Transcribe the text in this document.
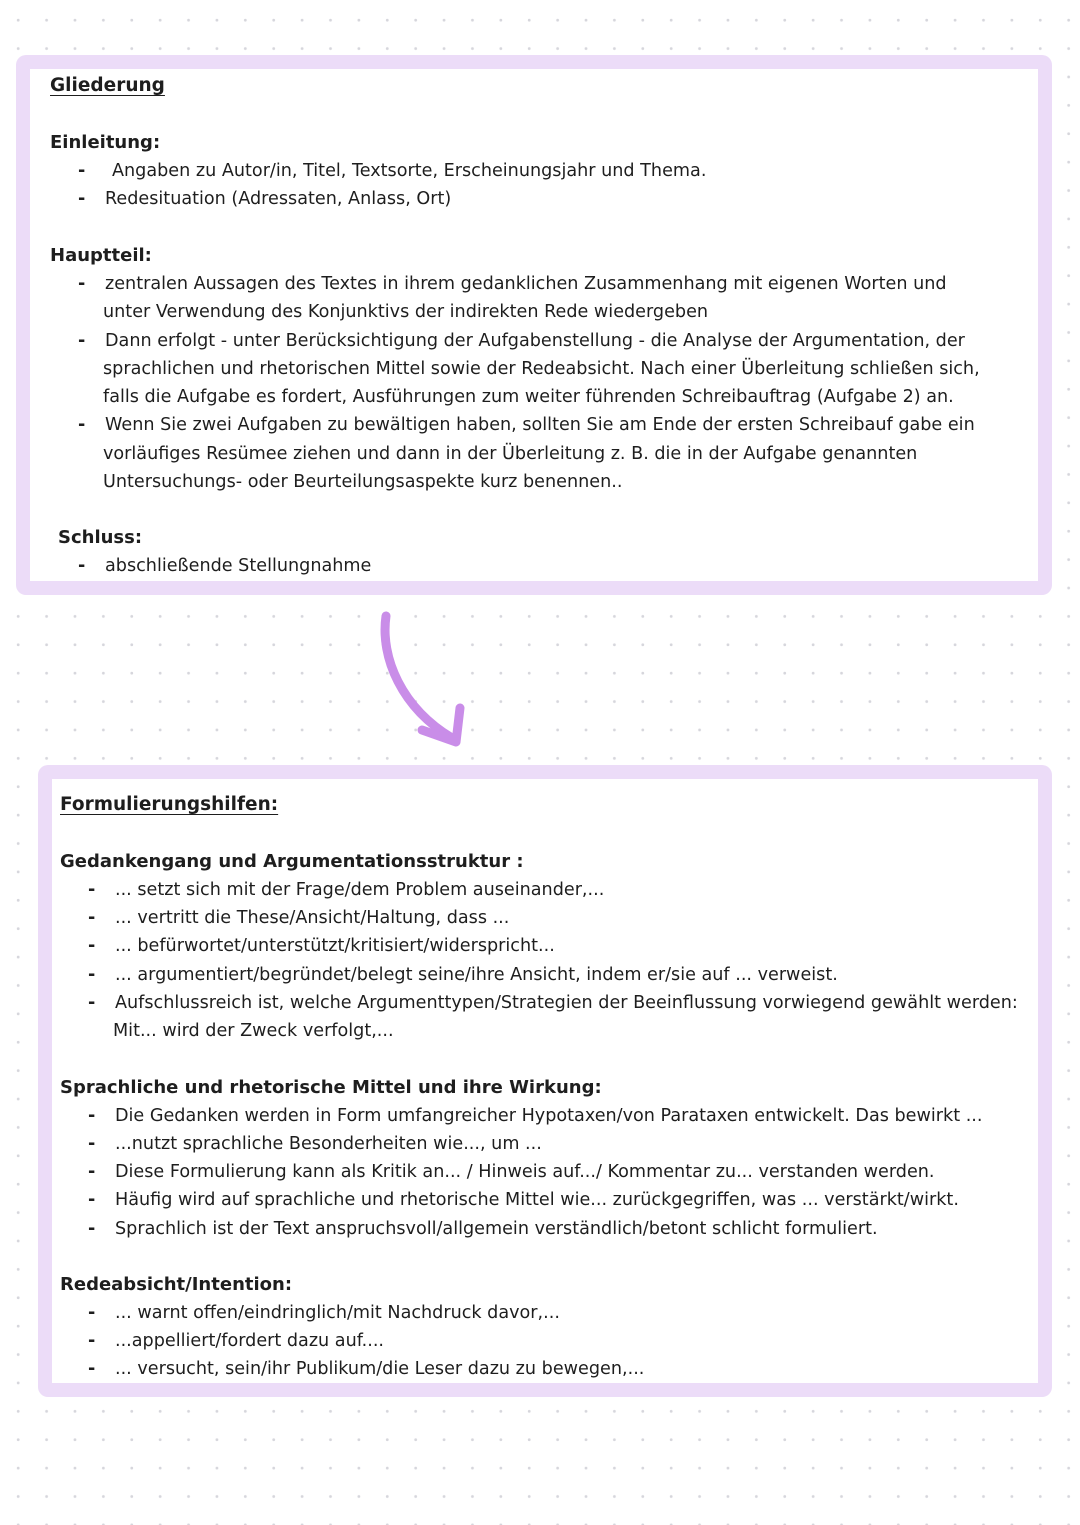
Gliederung
Einleitung:
- Angaben zu Autor/in, Titel, Textsorte, Erscheinungsjahr und Thema.
- Redesituation (Adressaten, Anlass, Ort)
Hauptteil:
- zentralen Aussagen des Textes in ihrem gedanklichen Zusammenhang mit eigenen Worten und
unter Verwendung des Konjunktivs der indirekten Rede wiedergeben
- Dann erfolgt - unter Berücksichtigung der Aufgabenstellung - die Analyse der Argumentation, der
sprachlichen und rhetorischen Mittel sowie der Redeabsicht. Nach einer Überleitung schließen sich,
falls die Aufgabe es fordert, Ausführungen zum weiter führenden Schreibauftrag (Aufgabe 2) an.
- Wenn Sie zwei Aufgaben zu bewältigen haben, sollten Sie am Ende der ersten Schreibauf gabe ein
vorläufiges Resümee ziehen und dann in der Überleitung z. B. die in der Aufgabe genannten
Untersuchungs- oder Beurteilungsaspekte kurz benennen..
Schluss:
- abschließende Stellungnahme
Formulierungshilfen:
Gedankengang und Argumentationsstruktur :
- ... setzt sich mit der Frage/dem Problem auseinander,...
- ... vertritt die These/Ansicht/Haltung, dass ...
- ... befürwortet/unterstützt/kritisiert/widerspricht...
- ... argumentiert/begründet/belegt seine/ihre Ansicht, indem er/sie auf ... verweist.
- Aufschlussreich ist, welche Argumenttypen/Strategien der Beeinflussung vorwiegend gewählt werden:
Mit... wird der Zweck verfolgt,...
Sprachliche und rhetorische Mittel und ihre Wirkung:
- Die Gedanken werden in Form umfangreicher Hypotaxen/von Parataxen entwickelt. Das bewirkt ...
- ...nutzt sprachliche Besonderheiten wie..., um ...
- Diese Formulierung kann als Kritik an... / Hinweis auf.../ Kommentar zu... verstanden werden.
- Häufig wird auf sprachliche und rhetorische Mittel wie... zurückgegriffen, was ... verstärkt/wirkt.
- Sprachlich ist der Text anspruchsvoll/allgemein verständlich/betont schlicht formuliert.
Redeabsicht/Intention:
- ... warnt offen/eindringlich/mit Nachdruck davor,...
- ...appelliert/fordert dazu auf....
- ... versucht, sein/ihr Publikum/die Leser dazu zu bewegen,...
